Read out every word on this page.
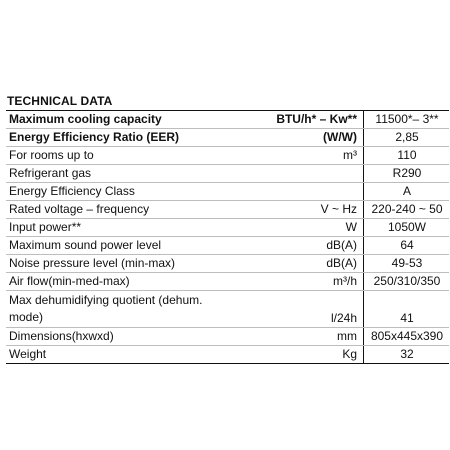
TECHNICAL DATA
Maximum cooling capacity	BTU/h* – Kw**	11500*– 3**
Energy Efficiency Ratio (EER)	(W/W)	2,85
For rooms up to	m³	110
Refrigerant gas		R290
Energy Efficiency Class		A
Rated voltage – frequency	V ~ Hz	220-240 ~ 50
Input power**	W	1050W
Maximum sound power level	dB(A)	64
Noise pressure level (min-max)	dB(A)	49-53
Air flow(min-med-max)	m³/h	250/310/350
Max dehumidifying quotient (dehum. mode)	l/24h	41
Dimensions(hxwxd)	mm	805x445x390
Weight	Kg	32
